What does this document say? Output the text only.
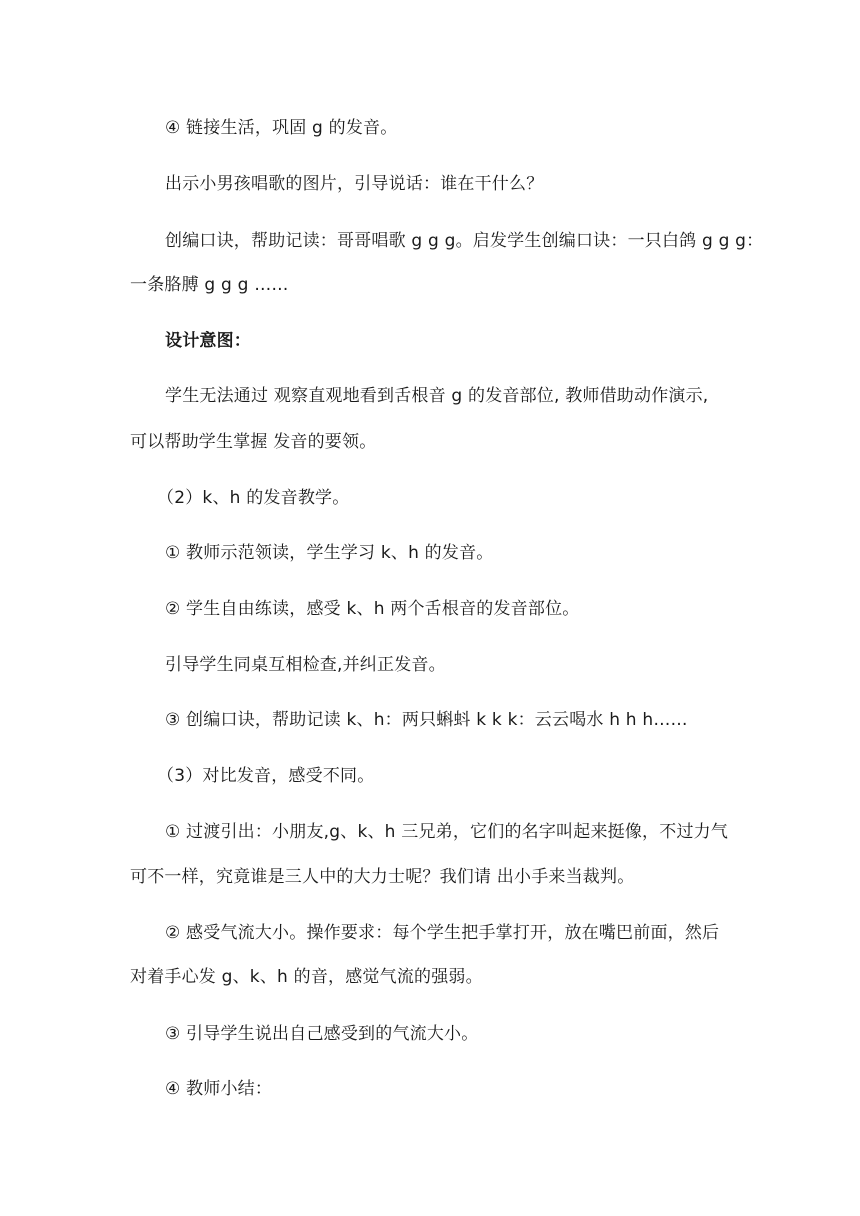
④ 链接生活，巩固 g 的发音。
出示小男孩唱歌的图片，引导说话：谁在干什么？
创编口诀，帮助记读：哥哥唱歌 g g g。启发学生创编口诀：一只白鸽 g g g：
一条胳膊 g g g ……
设计意图：
学生无法通过 观察直观地看到舌根音 g 的发音部位, 教师借助动作演示,
可以帮助学生掌握 发音的要领。
（2）k、h 的发音教学。
① 教师示范领读，学生学习 k、h 的发音。
② 学生自由练读，感受 k、h 两个舌根音的发音部位。
引导学生同桌互相检查,并纠正发音。
③ 创编口诀，帮助记读 k、h：两只蝌蚪 k k k：云云喝水 h h h……
（3）对比发音，感受不同。
① 过渡引出：小朋友,g、k、h 三兄弟，它们的名字叫起来挺像，不过力气
可不一样，究竟谁是三人中的大力士呢？我们请 出小手来当裁判。
② 感受气流大小。操作要求：每个学生把手掌打开，放在嘴巴前面，然后
对着手心发 g、k、h 的音，感觉气流的强弱。
③ 引导学生说出自己感受到的气流大小。
④ 教师小结：
